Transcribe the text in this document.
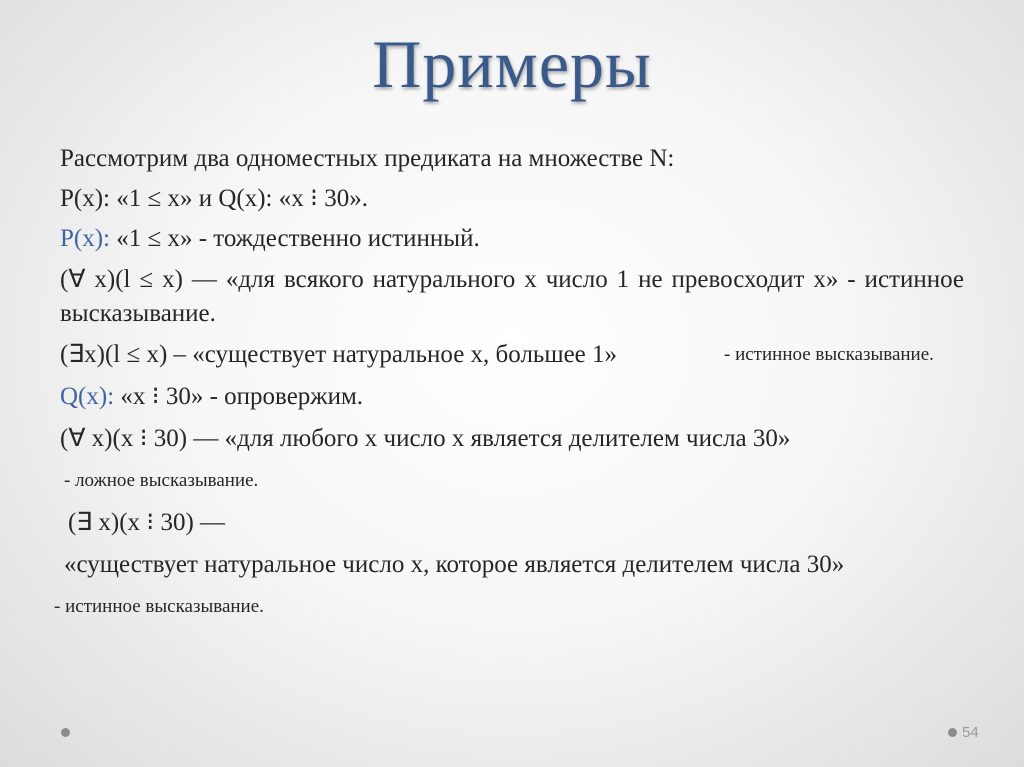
Примеры
Рассмотрим два одноместных предиката на множестве N:
P(x): «1 ≤ x» и Q(x): «x ⁝ 30».
P(x): «1 ≤ x» - тождественно истинный.
(∀ x)(l ≤ x) — «для всякого натурального x число 1 не превосходит x» - истинное высказывание.
(∃x)(l ≤ x) – «существует натуральное x, большее 1»	- истинное высказывание.
Q(x): «x ⁝ 30» - опровержим.
(∀ x)(x ⁝ 30) — «для любого x число x является делителем числа 30»
- ложное высказывание.
(∃ x)(x ⁝ 30) —
«существует натуральное число x, которое является делителем числа 30»
- истинное высказывание.
54
